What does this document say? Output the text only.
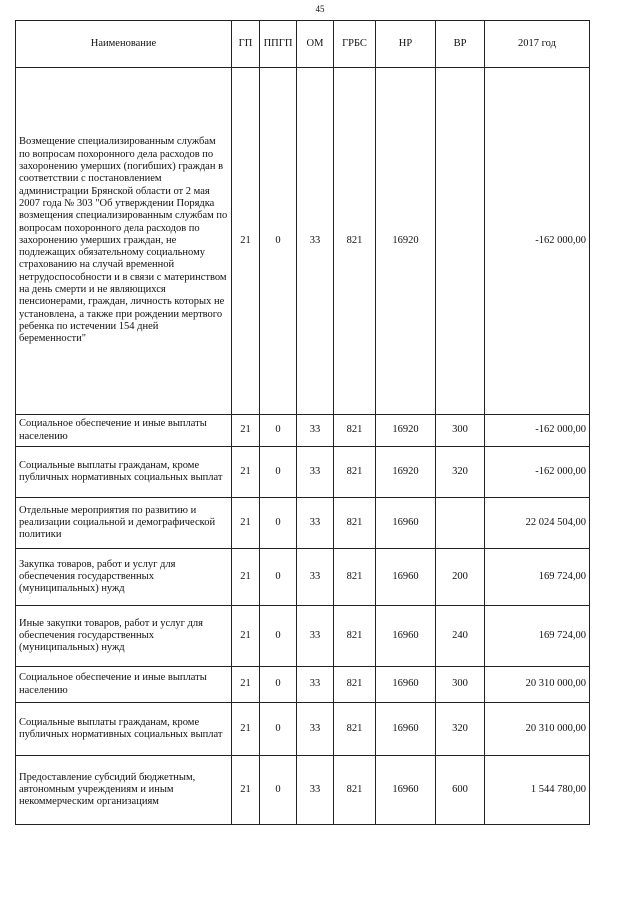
45
Наименование	ГП	ППГП	ОМ	ГРБС	НР	ВР	2017 год
Возмещение специализированным службам по вопросам похоронного дела расходов по захоронению умерших (погибших) граждан в соответствии с постановлением администрации Брянской области от 2 мая 2007 года № 303 "Об утверждении Порядка возмещения специализированным службам по вопросам похоронного дела расходов по захоронению умерших граждан, не подлежащих обязательному социальному страхованию на случай временной нетрудоспособности и в связи с материнством на день смерти и не являющихся пенсионерами, граждан, личность которых не установлена, а также при рождении мертвого ребенка по истечении 154 дней беременности"	21	0	33	821	16920		-162 000,00
Социальное обеспечение и иные выплаты населению	21	0	33	821	16920	300	-162 000,00
Социальные выплаты гражданам, кроме публичных нормативных социальных выплат	21	0	33	821	16920	320	-162 000,00
Отдельные мероприятия по развитию и реализации социальной и демографической политики	21	0	33	821	16960		22 024 504,00
Закупка товаров, работ и услуг для обеспечения государственных (муниципальных) нужд	21	0	33	821	16960	200	169 724,00
Иные закупки товаров, работ и услуг для обеспечения государственных (муниципальных) нужд	21	0	33	821	16960	240	169 724,00
Социальное обеспечение и иные выплаты населению	21	0	33	821	16960	300	20 310 000,00
Социальные выплаты гражданам, кроме публичных нормативных социальных выплат	21	0	33	821	16960	320	20 310 000,00
Предоставление субсидий бюджетным, автономным учреждениям и иным некоммерческим организациям	21	0	33	821	16960	600	1 544 780,00
